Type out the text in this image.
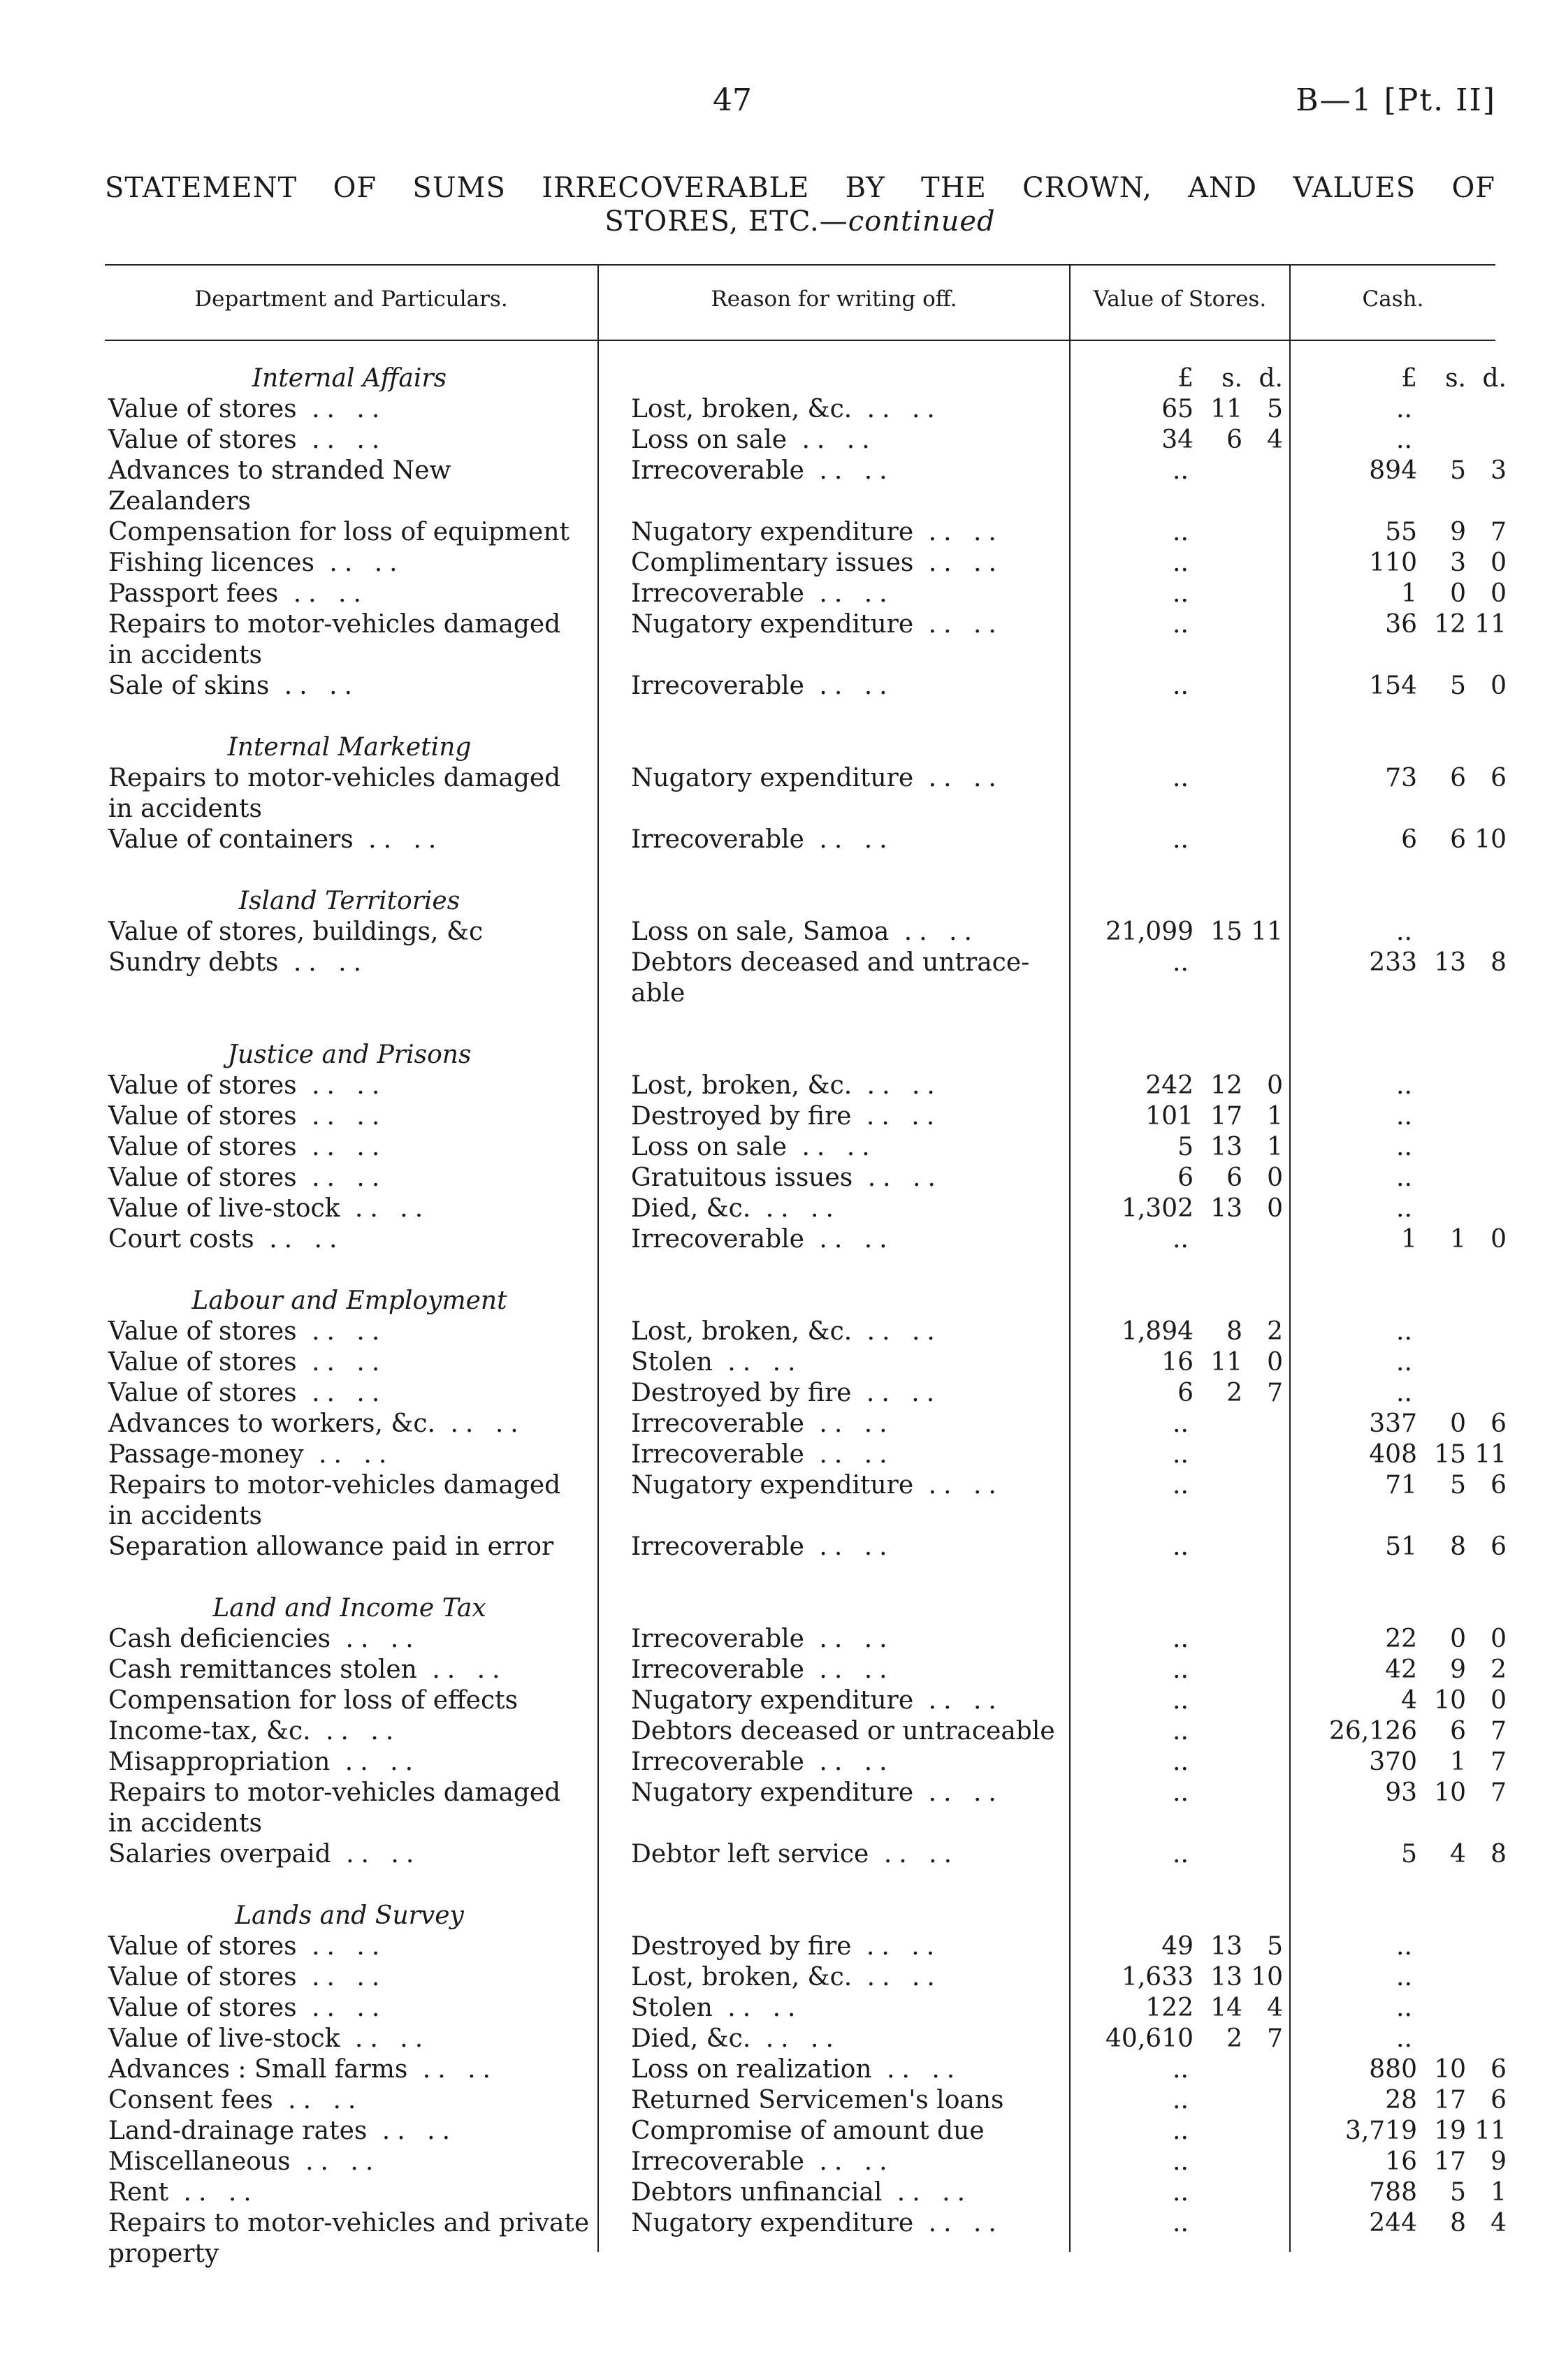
47	B—1 [Pt. II]
STATEMENT OF SUMS IRRECOVERABLE BY THE CROWN, AND VALUES OF
STORES, ETC.—continued
Department and Particulars.	Reason for writing off.	Value of Stores.	Cash.
Internal Affairs				£ s. d.	£ s. d.
Value of stores .. ..		Lost, broken, &c. .. ..		65 11 5	..
Value of stores .. ..		Loss on sale .. ..		34 6 4	..
Advances to stranded New Zealanders		Irrecoverable .. ..		..	894 5 3
Compensation for loss of equipment		Nugatory expenditure .. ..		..	55 9 7
Fishing licences .. ..		Complimentary issues .. ..		..	110 3 0
Passport fees .. ..		Irrecoverable .. ..		..	1 0 0
Repairs to motor-vehicles damaged in accidents		Nugatory expenditure .. ..		..	36 12 11
Sale of skins .. ..		Irrecoverable .. ..		..	154 5 0

Internal Marketing					
Repairs to motor-vehicles damaged in accidents		Nugatory expenditure .. ..		..	73 6 6
Value of containers .. ..		Irrecoverable .. ..		..	6 6 10

Island Territories					
Value of stores, buildings, &c		Loss on sale, Samoa .. ..		21,099 15 11	..
Sundry debts .. ..		Debtors deceased and untrace-able		..	233 13 8

Justice and Prisons					
Value of stores .. ..		Lost, broken, &c. .. ..		242 12 0	..
Value of stores .. ..		Destroyed by fire .. ..		101 17 1	..
Value of stores .. ..		Loss on sale .. ..		5 13 1	..
Value of stores .. ..		Gratuitous issues .. ..		6 6 0	..
Value of live-stock .. ..		Died, &c. .. ..		1,302 13 0	..
Court costs .. ..		Irrecoverable .. ..		..	1 1 0

Labour and Employment					
Value of stores .. ..		Lost, broken, &c. .. ..		1,894 8 2	..
Value of stores .. ..		Stolen .. ..		16 11 0	..
Value of stores .. ..		Destroyed by fire .. ..		6 2 7	..
Advances to workers, &c. .. ..		Irrecoverable .. ..		..	337 0 6
Passage-money .. ..		Irrecoverable .. ..		..	408 15 11
Repairs to motor-vehicles damaged in accidents		Nugatory expenditure .. ..		..	71 5 6
Separation allowance paid in error		Irrecoverable .. ..		..	51 8 6

Land and Income Tax					
Cash deficiencies .. ..		Irrecoverable .. ..		..	22 0 0
Cash remittances stolen .. ..		Irrecoverable .. ..		..	42 9 2
Compensation for loss of effects		Nugatory expenditure .. ..		..	4 10 0
Income-tax, &c. .. ..		Debtors deceased or untraceable		..	26,126 6 7
Misappropriation .. ..		Irrecoverable .. ..		..	370 1 7
Repairs to motor-vehicles damaged in accidents		Nugatory expenditure .. ..		..	93 10 7
Salaries overpaid .. ..		Debtor left service .. ..		..	5 4 8

Lands and Survey					
Value of stores .. ..		Destroyed by fire .. ..		49 13 5	..
Value of stores .. ..		Lost, broken, &c. .. ..		1,633 13 10	..
Value of stores .. ..		Stolen .. ..		122 14 4	..
Value of live-stock .. ..		Died, &c. .. ..		40,610 2 7	..
Advances : Small farms .. ..		Loss on realization .. ..		..	880 10 6
Consent fees .. ..		Returned Servicemen's loans		..	28 17 6
Land-drainage rates .. ..		Compromise of amount due		..	3,719 19 11
Miscellaneous .. ..		Irrecoverable .. ..		..	16 17 9
Rent .. ..		Debtors unfinancial .. ..		..	788 5 1
Repairs to motor-vehicles and private property		Nugatory expenditure .. ..		..	244 8 4
